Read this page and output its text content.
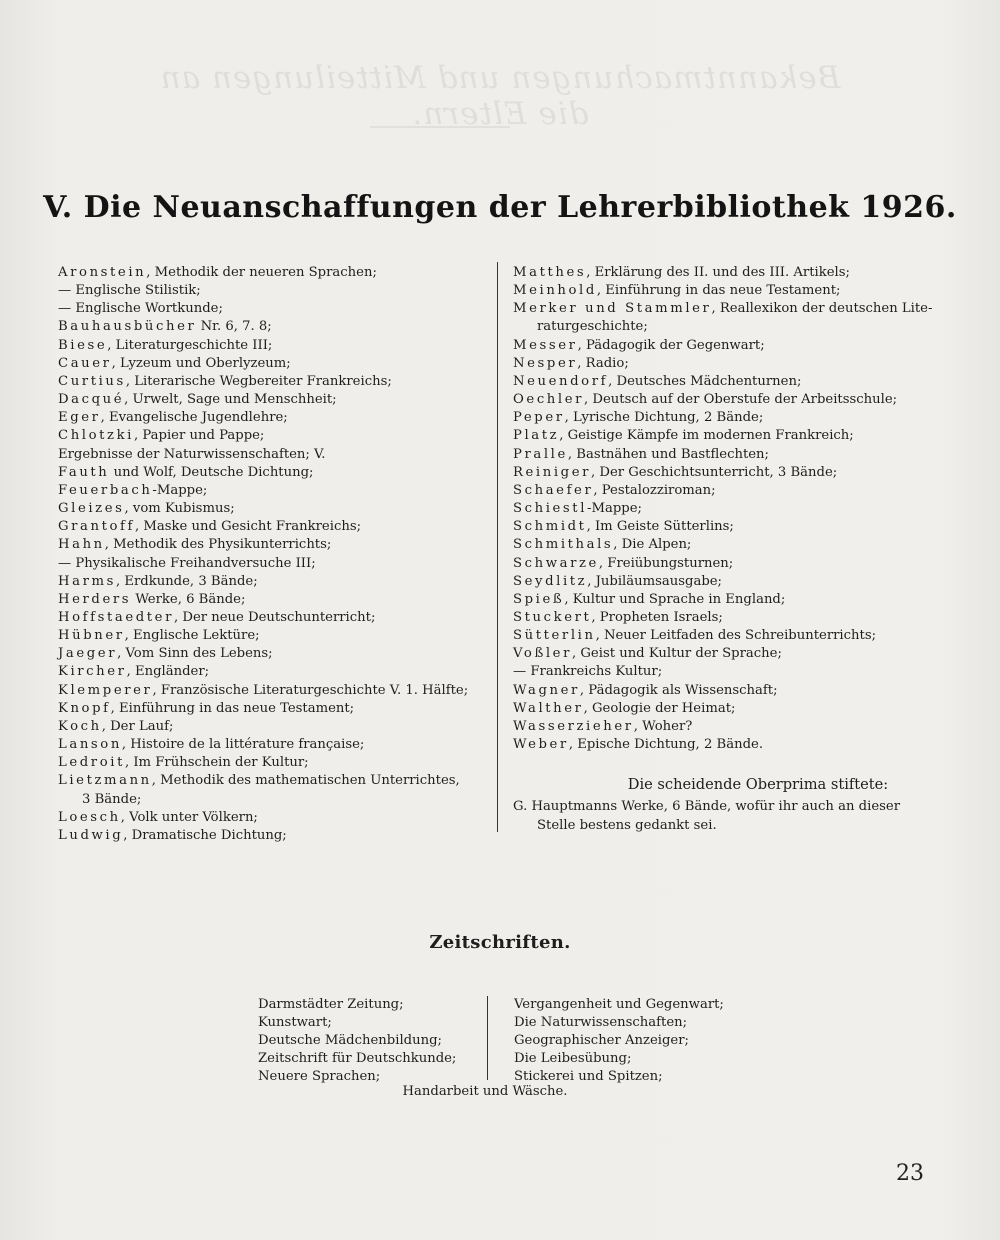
Bekanntmachungen und Mitteilungen an die Eltern.
V. Die Neuanschaffungen der Lehrerbibliothek 1926.
Aronstein, Methodik der neueren Sprachen;
— Englische Stilistik;
— Englische Wortkunde;
Bauhausbücher Nr. 6, 7. 8;
Biese, Literaturgeschichte III;
Cauer, Lyzeum und Oberlyzeum;
Curtius, Literarische Wegbereiter Frankreichs;
Dacqué, Urwelt, Sage und Menschheit;
Eger, Evangelische Jugendlehre;
Chlotzki, Papier und Pappe;
Ergebnisse der Naturwissenschaften; V.
Fauth und Wolf, Deutsche Dichtung;
Feuerbach-Mappe;
Gleizes, vom Kubismus;
Grantoff, Maske und Gesicht Frankreichs;
Hahn, Methodik des Physikunterrichts;
— Physikalische Freihandversuche III;
Harms, Erdkunde, 3 Bände;
Herders Werke, 6 Bände;
Hoffstaedter, Der neue Deutschunterricht;
Hübner, Englische Lektüre;
Jaeger, Vom Sinn des Lebens;
Kircher, Engländer;
Klemperer, Französische Literaturgeschichte V. 1. Hälfte;
Knopf, Einführung in das neue Testament;
Koch, Der Lauf;
Lanson, Histoire de la littérature française;
Ledroit, Im Frühschein der Kultur;
Lietzmann, Methodik des mathematischen Unterrichtes,
3 Bände;
Loesch, Volk unter Völkern;
Ludwig, Dramatische Dichtung;
Matthes, Erklärung des II. und des III. Artikels;
Meinhold, Einführung in das neue Testament;
Merker und Stammler, Reallexikon der deutschen Lite-
raturgeschichte;
Messer, Pädagogik der Gegenwart;
Nesper, Radio;
Neuendorf, Deutsches Mädchenturnen;
Oechler, Deutsch auf der Oberstufe der Arbeitsschule;
Peper, Lyrische Dichtung, 2 Bände;
Platz, Geistige Kämpfe im modernen Frankreich;
Pralle, Bastnähen und Bastflechten;
Reiniger, Der Geschichtsunterricht, 3 Bände;
Schaefer, Pestalozziroman;
Schiestl-Mappe;
Schmidt, Im Geiste Sütterlins;
Schmithals, Die Alpen;
Schwarze, Freiübungsturnen;
Seydlitz, Jubiläumsausgabe;
Spieß, Kultur und Sprache in England;
Stuckert, Propheten Israels;
Sütterlin, Neuer Leitfaden des Schreibunterrichts;
Voßler, Geist und Kultur der Sprache;
— Frankreichs Kultur;
Wagner, Pädagogik als Wissenschaft;
Walther, Geologie der Heimat;
Wasserzieher, Woher?
Weber, Epische Dichtung, 2 Bände.
Die scheidende Oberprima stiftete:
G. Hauptmanns Werke, 6 Bände, wofür ihr auch an dieser
Stelle bestens gedankt sei.
Zeitschriften.
Darmstädter Zeitung;
Kunstwart;
Deutsche Mädchenbildung;
Zeitschrift für Deutschkunde;
Neuere Sprachen;
Vergangenheit und Gegenwart;
Die Naturwissenschaften;
Geographischer Anzeiger;
Die Leibesübung;
Stickerei und Spitzen;
Handarbeit und Wäsche.
23
